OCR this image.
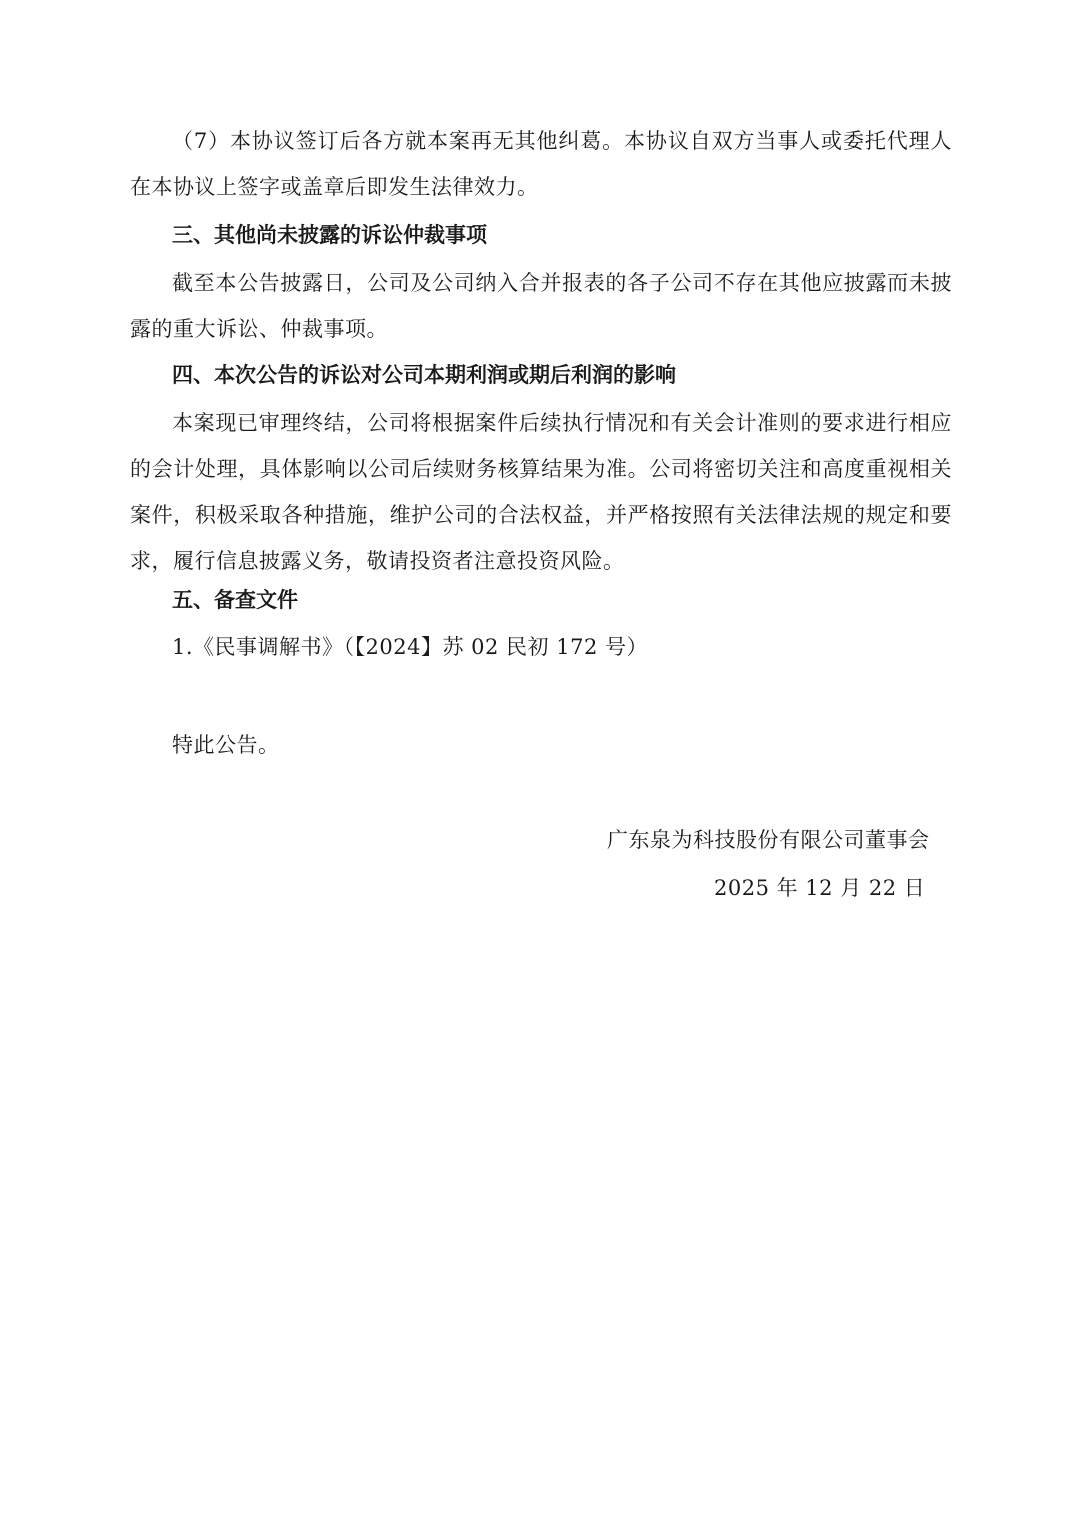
（7）本协议签订后各方就本案再无其他纠葛。本协议自双方当事人或委托代理人在本协议上签字或盖章后即发生法律效力。

三、其他尚未披露的诉讼仲裁事项

截至本公告披露日，公司及公司纳入合并报表的各子公司不存在其他应披露而未披露的重大诉讼、仲裁事项。

四、本次公告的诉讼对公司本期利润或期后利润的影响

本案现已审理终结，公司将根据案件后续执行情况和有关会计准则的要求进行相应的会计处理，具体影响以公司后续财务核算结果为准。公司将密切关注和高度重视相关案件，积极采取各种措施，维护公司的合法权益，并严格按照有关法律法规的规定和要求，履行信息披露义务，敬请投资者注意投资风险。

五、备查文件
1.《民事调解书》（【2024】苏 02 民初 172 号）
特此公告。
广东泉为科技股份有限公司董事会
2025 年 12 月 22 日
